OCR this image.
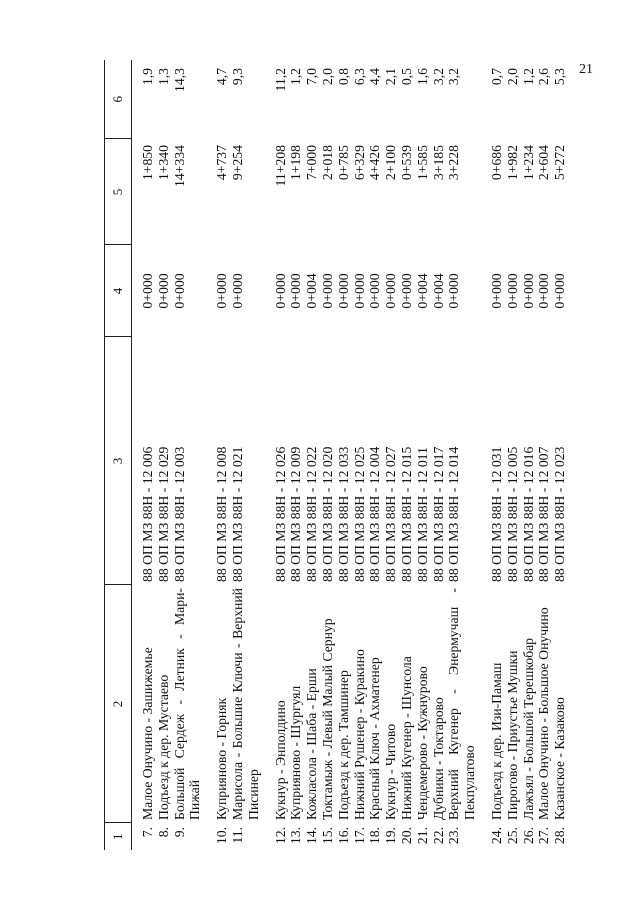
21
1	2	3	4	5	6

7.	Малое Онучино - Зашижемье	88 ОП МЗ 88Н - 12 006	0+000	1+850	1,9
8.	Подъезд к дер. Мустаево	88 ОП МЗ 88Н - 12 029	0+000	1+340	1,3
9.	Большой Сердеж - Летник - Мари-	88 ОП МЗ 88Н - 12 003	0+000	14+334	14,3
	Пижай				

10.	Куприяново - Горняк	88 ОП МЗ 88Н - 12 008	0+000	4+737	4,7
11.	Марисола - Большие Ключи - Верхний	88 ОП МЗ 88Н - 12 021	0+000	9+254	9,3
	Писинер				

12.	Кукнур - Энполдино	88 ОП МЗ 88Н - 12 026	0+000	11+208	11,2
13.	Куприяново - Шургуял	88 ОП МЗ 88Н - 12 009	0+000	1+198	1,2
14.	Кожласола - Шаба - Ерши	88 ОП МЗ 88Н - 12 022	0+004	7+000	7,0
15.	Токтамыж - Левый Малый Сернур	88 ОП МЗ 88Н - 12 020	0+000	2+018	2,0
16.	Подъезд к дер. Тамшинер	88 ОП МЗ 88Н - 12 033	0+000	0+785	0,8
17.	Нижний Рушенер - Куракино	88 ОП МЗ 88Н - 12 025	0+000	6+329	6,3
18.	Красный Ключ - Ахматенер	88 ОП МЗ 88Н - 12 004	0+000	4+426	4,4
19.	Кукнур - Читово	88 ОП МЗ 88Н - 12 027	0+000	2+100	2,1
20.	Нижний Кугенер - Шунсола	88 ОП МЗ 88Н - 12 015	0+000	0+539	0,5
21.	Чендемерово - Кужнурово	88 ОП МЗ 88Н - 12 011	0+004	1+585	1,6
22.	Дубники - Токтарово	88 ОП МЗ 88Н - 12 017	0+004	3+185	3,2
23.	Верхний Кугенер - Энермучаш -	88 ОП МЗ 88Н - 12 014	0+000	3+228	3,2
	Пекпулатово				

24.	Подъезд к дер. Изи-Памаш	88 ОП МЗ 88Н - 12 031	0+000	0+686	0,7
25.	Пирогово - Приустье Мушки	88 ОП МЗ 88Н - 12 005	0+000	1+982	2,0
26.	Лажъял - Большой Терешкобар	88 ОП МЗ 88Н - 12 016	0+000	1+234	1,2
27.	Малое Онучино - Большое Онучино	88 ОП МЗ 88Н - 12 007	0+000	2+604	2,6
28.	Казанское - Казаково	88 ОП МЗ 88Н - 12 023	0+000	5+272	5,3
